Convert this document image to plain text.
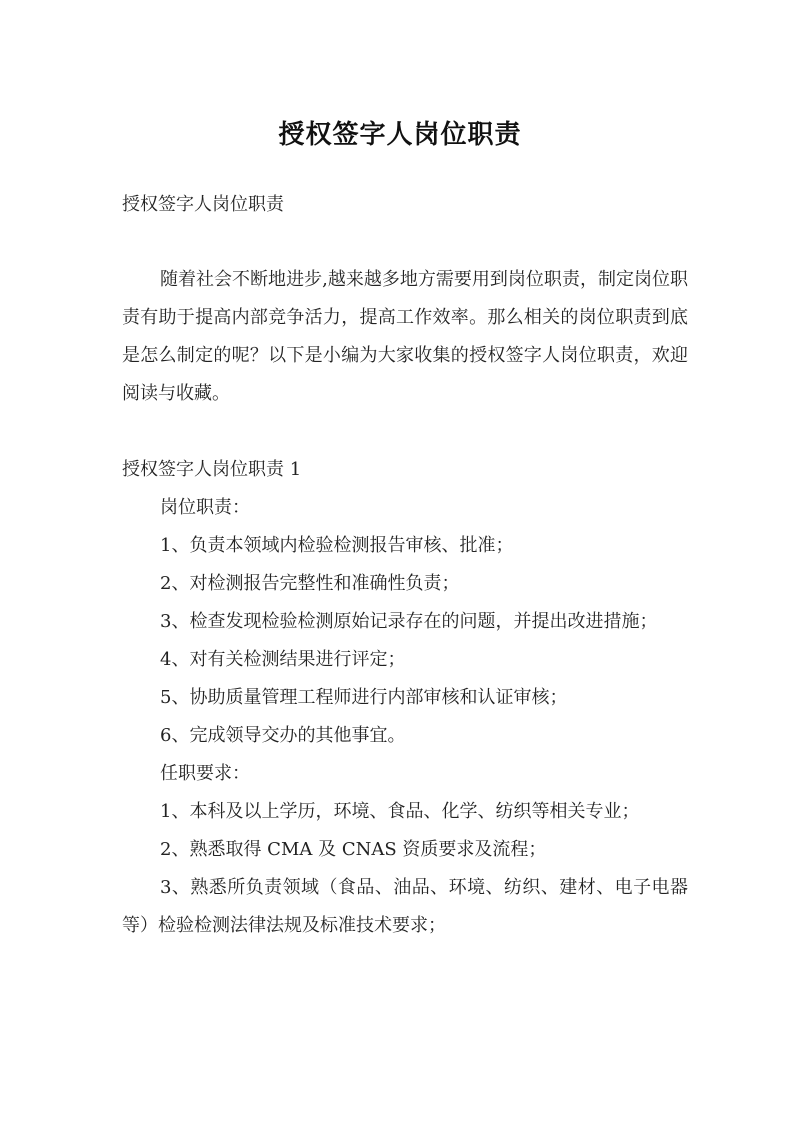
授权签字人岗位职责

授权签字人岗位职责

随着社会不断地进步,越来越多地方需要用到岗位职责，制定岗位职责有助于提高内部竞争活力，提高工作效率。那么相关的岗位职责到底是怎么制定的呢？以下是小编为大家收集的授权签字人岗位职责，欢迎阅读与收藏。

授权签字人岗位职责 1

岗位职责：

1、负责本领域内检验检测报告审核、批准；

2、对检测报告完整性和准确性负责；

3、检查发现检验检测原始记录存在的问题，并提出改进措施；

4、对有关检测结果进行评定；

5、协助质量管理工程师进行内部审核和认证审核；

6、完成领导交办的其他事宜。

任职要求：

1、本科及以上学历，环境、食品、化学、纺织等相关专业；

2、熟悉取得 CMA 及 CNAS 资质要求及流程；

3、熟悉所负责领域（食品、油品、环境、纺织、建材、电子电器等）检验检测法律法规及标准技术要求；
